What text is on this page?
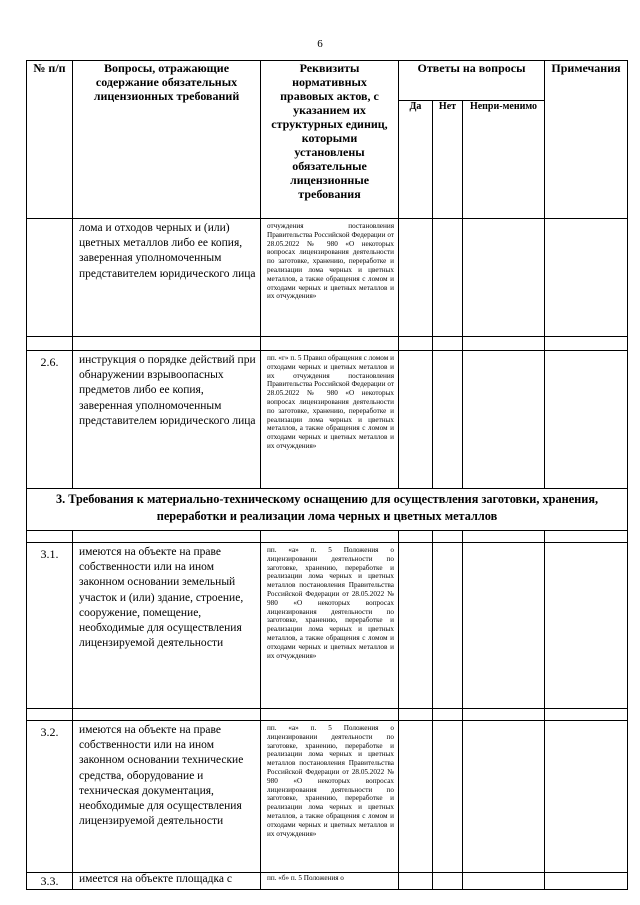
6
№ п/п	Вопросы, отражающие содержание обязательных лицензионных требований	Реквизиты нормативных правовых актов, с указанием их структурных единиц, которыми установлены обязательные лицензионные требования	Ответы на вопросы			Примечания
			Да	Нет	Непри-менимо	
	лома и отходов черных и (или) цветных металлов либо ее копия, заверенная уполномоченным представителем юридического лица	отчуждения постановления Правительства Российской Федерации от 28.05.2022 № 980 «О некоторых вопросах лицензирования деятельности по заготовке, хранению, переработке и реализации лома черных и цветных металлов, а также обращения с ломом и отходами черных и цветных металлов и их отчуждения»				

2.6.	инструкция о порядке действий при обнаружении взрывоопасных предметов либо ее копия, заверенная уполномоченным представителем юридического лица	пп. «г» п. 5 Правил обращения с ломом и отходами черных и цветных металлов и их отчуждения постановления Правительства Российской Федерации от 28.05.2022 № 980 «О некоторых вопросах лицензирования деятельности по заготовке, хранению, переработке и реализации лома черных и цветных металлов, а также обращения с ломом и отходами черных и цветных металлов и их отчуждения»				
3. Требования к материально-техническому оснащению для осуществления заготовки, хранения, переработки и реализации лома черных и цветных металлов						

3.1.	имеются на объекте на праве собственности или на ином законном основании земельный участок и (или) здание, строение, сооружение, помещение, необходимые для осуществления лицензируемой деятельности	пп. «а» п. 5 Положения о лицензировании деятельности по заготовке, хранению, переработке и реализации лома черных и цветных металлов постановления Правительства Российской Федерации от 28.05.2022 № 980 «О некоторых вопросах лицензирования деятельности по заготовке, хранению, переработке и реализации лома черных и цветных металлов, а также обращения с ломом и отходами черных и цветных металлов и их отчуждения»				

3.2.	имеются на объекте на праве собственности или на ином законном основании технические средства, оборудование и техническая документация, необходимые для осуществления лицензируемой деятельности	пп. «а» п. 5 Положения о лицензировании деятельности по заготовке, хранению, переработке и реализации лома черных и цветных металлов постановления Правительства Российской Федерации от 28.05.2022 № 980 «О некоторых вопросах лицензирования деятельности по заготовке, хранению, переработке и реализации лома черных и цветных металлов, а также обращения с ломом и отходами черных и цветных металлов и их отчуждения»				
3.3.	имеется на объекте площадка с	пп. «б» п. 5 Положения о				
